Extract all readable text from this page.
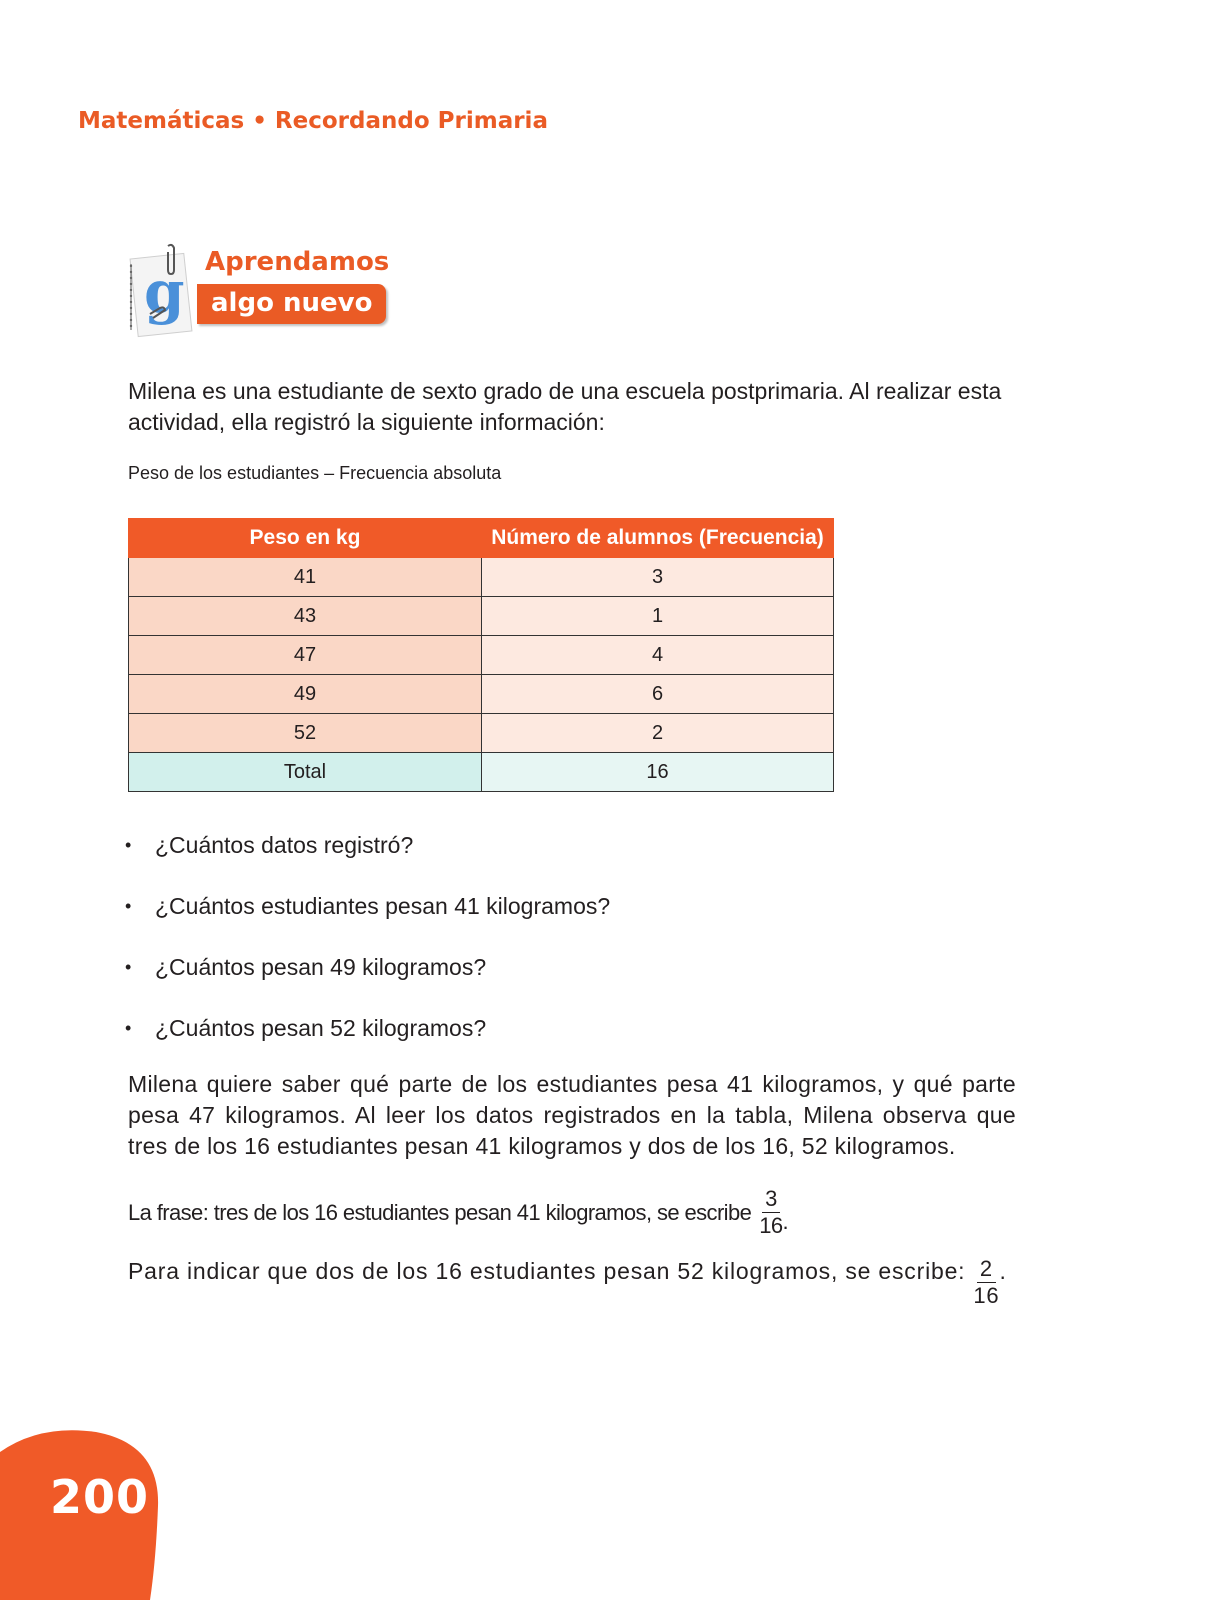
Matemáticas • Recordando Primaria
g Aprendamos
algo nuevo
Milena es una estudiante de sexto grado de una escuela postprimaria. Al realizar esta actividad, ella registró la siguiente información:
Peso de los estudiantes – Frecuencia absoluta
Peso en kg	Número de alumnos (Frecuencia)
41	3
43	1
47	4
49	6
52	2
Total	16
•	¿Cuántos datos registró?
•	¿Cuántos estudiantes pesan 41 kilogramos?
•	¿Cuántos pesan 49 kilogramos?
•	¿Cuántos pesan 52 kilogramos?
Milena quiere saber qué parte de los estudiantes pesa 41 kilogramos, y qué parte pesa 47 kilogramos. Al leer los datos registrados en la tabla, Milena observa que tres de los 16 estudiantes pesan 41 kilogramos y dos de los 16, 52 kilogramos.
La frase: tres de los 16 estudiantes pesan 41 kilogramos, se escribe $\frac{3}{16}$ .
Para indicar que dos de los 16 estudiantes pesan 52 kilogramos, se escribe: $\frac{2}{16}$ .
200
